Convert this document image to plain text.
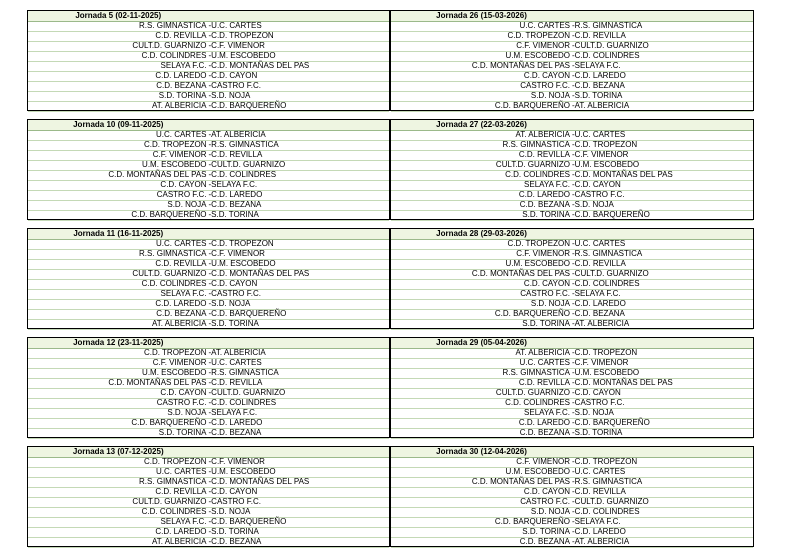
Jornada 5 (02-11-2025)
R.S. GIMNASTICA -U.C. CARTES
C.D. REVILLA -C.D. TROPEZON
CULT.D. GUARNIZO -C.F. VIMENOR
C.D. COLINDRES -U.M. ESCOBEDO
SELAYA F.C. -C.D. MONTAÑAS DEL PAS
C.D. LAREDO -C.D. CAYON
C.D. BEZANA -CASTRO F.C.
S.D. TORINA -S.D. NOJA
AT. ALBERICIA -C.D. BARQUEREÑO
Jornada 26 (15-03-2026)
U.C. CARTES -R.S. GIMNASTICA
C.D. TROPEZON -C.D. REVILLA
C.F. VIMENOR -CULT.D. GUARNIZO
U.M. ESCOBEDO -C.D. COLINDRES
C.D. MONTAÑAS DEL PAS -SELAYA F.C.
C.D. CAYON -C.D. LAREDO
CASTRO F.C. -C.D. BEZANA
S.D. NOJA -S.D. TORINA
C.D. BARQUEREÑO -AT. ALBERICIA
Jornada 10 (09-11-2025)
U.C. CARTES -AT. ALBERICIA
C.D. TROPEZON -R.S. GIMNASTICA
C.F. VIMENOR -C.D. REVILLA
U.M. ESCOBEDO -CULT.D. GUARNIZO
C.D. MONTAÑAS DEL PAS -C.D. COLINDRES
C.D. CAYON -SELAYA F.C.
CASTRO F.C. -C.D. LAREDO
S.D. NOJA -C.D. BEZANA
C.D. BARQUEREÑO -S.D. TORINA
Jornada 27 (22-03-2026)
AT. ALBERICIA -U.C. CARTES
R.S. GIMNASTICA -C.D. TROPEZON
C.D. REVILLA -C.F. VIMENOR
CULT.D. GUARNIZO -U.M. ESCOBEDO
C.D. COLINDRES -C.D. MONTAÑAS DEL PAS
SELAYA F.C. -C.D. CAYON
C.D. LAREDO -CASTRO F.C.
C.D. BEZANA -S.D. NOJA
S.D. TORINA -C.D. BARQUEREÑO
Jornada 11 (16-11-2025)
U.C. CARTES -C.D. TROPEZON
R.S. GIMNASTICA -C.F. VIMENOR
C.D. REVILLA -U.M. ESCOBEDO
CULT.D. GUARNIZO -C.D. MONTAÑAS DEL PAS
C.D. COLINDRES -C.D. CAYON
SELAYA F.C. -CASTRO F.C.
C.D. LAREDO -S.D. NOJA
C.D. BEZANA -C.D. BARQUEREÑO
AT. ALBERICIA -S.D. TORINA
Jornada 28 (29-03-2026)
C.D. TROPEZON -U.C. CARTES
C.F. VIMENOR -R.S. GIMNASTICA
U.M. ESCOBEDO -C.D. REVILLA
C.D. MONTAÑAS DEL PAS -CULT.D. GUARNIZO
C.D. CAYON -C.D. COLINDRES
CASTRO F.C. -SELAYA F.C.
S.D. NOJA -C.D. LAREDO
C.D. BARQUEREÑO -C.D. BEZANA
S.D. TORINA -AT. ALBERICIA
Jornada 12 (23-11-2025)
C.D. TROPEZON -AT. ALBERICIA
C.F. VIMENOR -U.C. CARTES
U.M. ESCOBEDO -R.S. GIMNASTICA
C.D. MONTAÑAS DEL PAS -C.D. REVILLA
C.D. CAYON -CULT.D. GUARNIZO
CASTRO F.C. -C.D. COLINDRES
S.D. NOJA -SELAYA F.C.
C.D. BARQUEREÑO -C.D. LAREDO
S.D. TORINA -C.D. BEZANA
Jornada 29 (05-04-2026)
AT. ALBERICIA -C.D. TROPEZON
U.C. CARTES -C.F. VIMENOR
R.S. GIMNASTICA -U.M. ESCOBEDO
C.D. REVILLA -C.D. MONTAÑAS DEL PAS
CULT.D. GUARNIZO -C.D. CAYON
C.D. COLINDRES -CASTRO F.C.
SELAYA F.C. -S.D. NOJA
C.D. LAREDO -C.D. BARQUEREÑO
C.D. BEZANA -S.D. TORINA
Jornada 13 (07-12-2025)
C.D. TROPEZON -C.F. VIMENOR
U.C. CARTES -U.M. ESCOBEDO
R.S. GIMNASTICA -C.D. MONTAÑAS DEL PAS
C.D. REVILLA -C.D. CAYON
CULT.D. GUARNIZO -CASTRO F.C.
C.D. COLINDRES -S.D. NOJA
SELAYA F.C. -C.D. BARQUEREÑO
C.D. LAREDO -S.D. TORINA
AT. ALBERICIA -C.D. BEZANA
Jornada 30 (12-04-2026)
C.F. VIMENOR -C.D. TROPEZON
U.M. ESCOBEDO -U.C. CARTES
C.D. MONTAÑAS DEL PAS -R.S. GIMNASTICA
C.D. CAYON -C.D. REVILLA
CASTRO F.C. -CULT.D. GUARNIZO
S.D. NOJA -C.D. COLINDRES
C.D. BARQUEREÑO -SELAYA F.C.
S.D. TORINA -C.D. LAREDO
C.D. BEZANA -AT. ALBERICIA
